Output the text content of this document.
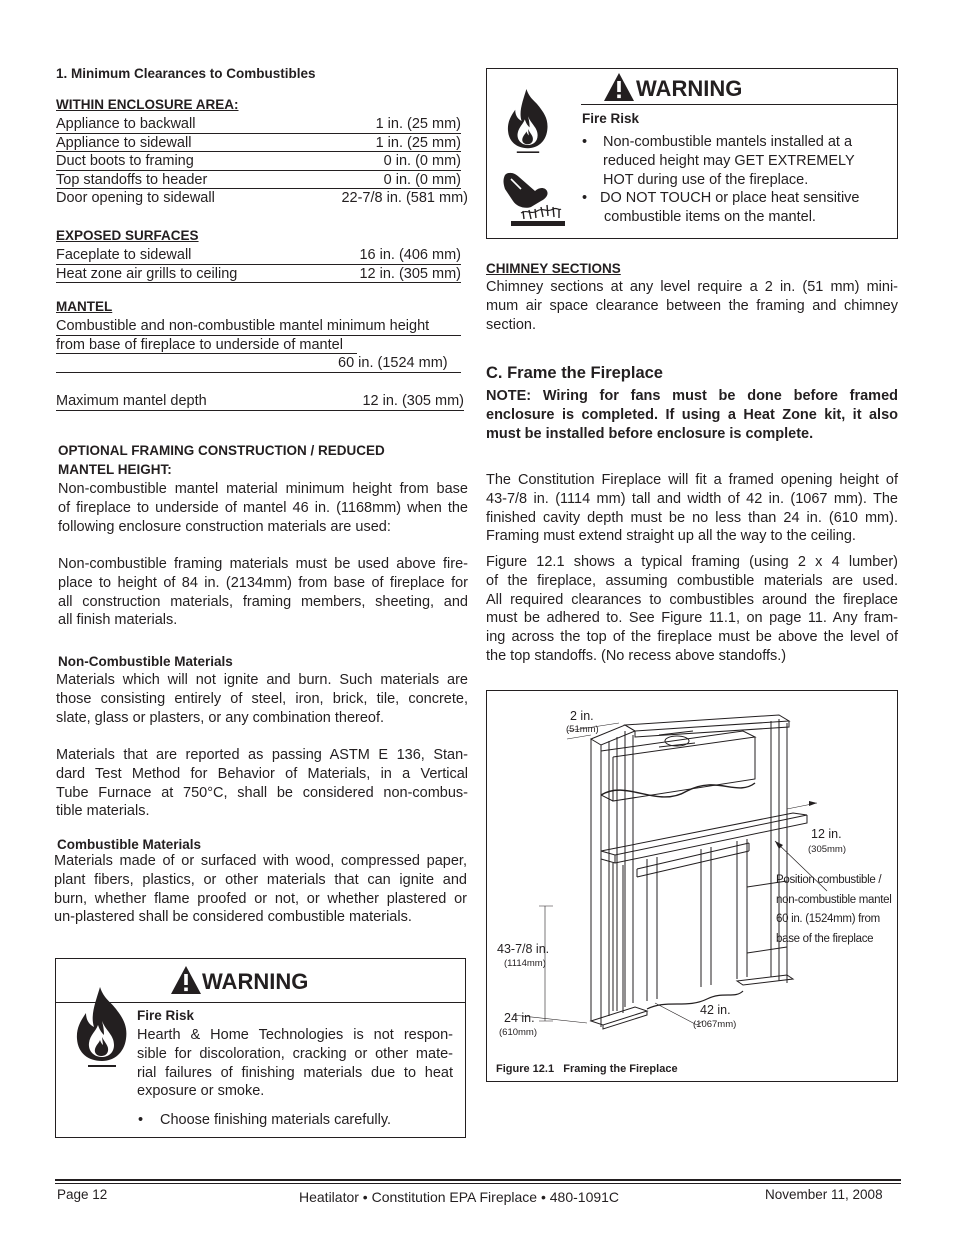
1. Minimum Clearances to Combustibles
WITHIN ENCLOSURE AREA:
Appliance to backwall	1 in. (25 mm)
Appliance to sidewall	1 in. (25 mm)
Duct boots to framing	0 in. (0 mm)
Top standoffs to header	0 in. (0 mm)
Door opening to sidewall	22-7/8 in. (581 mm)
EXPOSED SURFACES
Faceplate to sidewall	16 in. (406 mm)
Heat zone air grills to ceiling	12 in. (305 mm)
MANTEL
Combustible and non-combustible mantel minimum height
from base of fireplace to underside of mantel
60 in. (1524 mm)
Maximum mantel depth	12 in. (305 mm)
OPTIONAL FRAMING CONSTRUCTION / REDUCED
MANTEL HEIGHT:
Non-combustible mantel material minimum height from base
of fireplace to underside of mantel 46 in. (1168mm) when the
following enclosure construction materials are used:
Non-combustible framing materials must be used above fire-
place to height of 84 in. (2134mm) from base of fireplace for
all construction materials, framing members, sheeting, and
all finish materials.
Non-Combustible Materials
Materials which will not ignite and burn. Such materials are
those consisting entirely of steel, iron, brick, tile, concrete,
slate, glass or plasters, or any combination thereof.
Materials that are reported as passing ASTM E 136, Stan-
dard Test Method for Behavior of Materials, in a Vertical
Tube Furnace at 750°C, shall be considered non-combus-
tible materials.
Combustible Materials
Materials made of or surfaced with wood, compressed paper,
plant fibers, plastics, or other materials that can ignite and
burn, whether flame proofed or not, or whether plastered or
un-plastered shall be considered combustible materials.
WARNING
Fire Risk
Hearth & Home Technologies is not respon-
sible for discoloration, cracking or other mate-
rial failures of finishing materials due to heat
exposure or smoke.
• Choose finishing materials carefully.
WARNING
Fire Risk
• Non-combustible mantels installed at a
reduced height may GET EXTREMELY
HOT during use of the fireplace.
• DO NOT TOUCH or place heat sensitive
combustible items on the mantel.
CHIMNEY SECTIONS
Chimney sections at any level require a 2 in. (51 mm) mini-
mum air space clearance between the framing and chimney
section.
C. Frame the Fireplace
NOTE: Wiring for fans must be done before framed
enclosure is completed. If using a Heat Zone kit, it also
must be installed before enclosure is complete.
The Constitution Fireplace will fit a framed opening height of
43-7/8 in. (1114 mm) tall and width of 42 in. (1067 mm). The
finished cavity depth must be no less than 24 in. (610 mm).
Framing must extend straight up all the way to the ceiling.
Figure 12.1 shows a typical framing (using 2 x 4 lumber)
of the fireplace, assuming combustible materials are used.
All required clearances to combustibles around the fireplace
must be adhered to. See Figure 11.1, on page 11. Any fram-
ing across the top of the fireplace must be above the level of
the top standoffs. (No recess above standoffs.)
2 in.
(51mm)
12 in.
(305mm)
Position combustible /
non-combustible mantel
60 in. (1524mm) from
base of the fireplace
43-7/8 in.
(1114mm)
24 in.
(610mm)
42 in.
(1067mm)
Figure 12.1 Framing the Fireplace
Page 12	Heatilator • Constitution EPA Fireplace • 480-1091C	November 11, 2008
